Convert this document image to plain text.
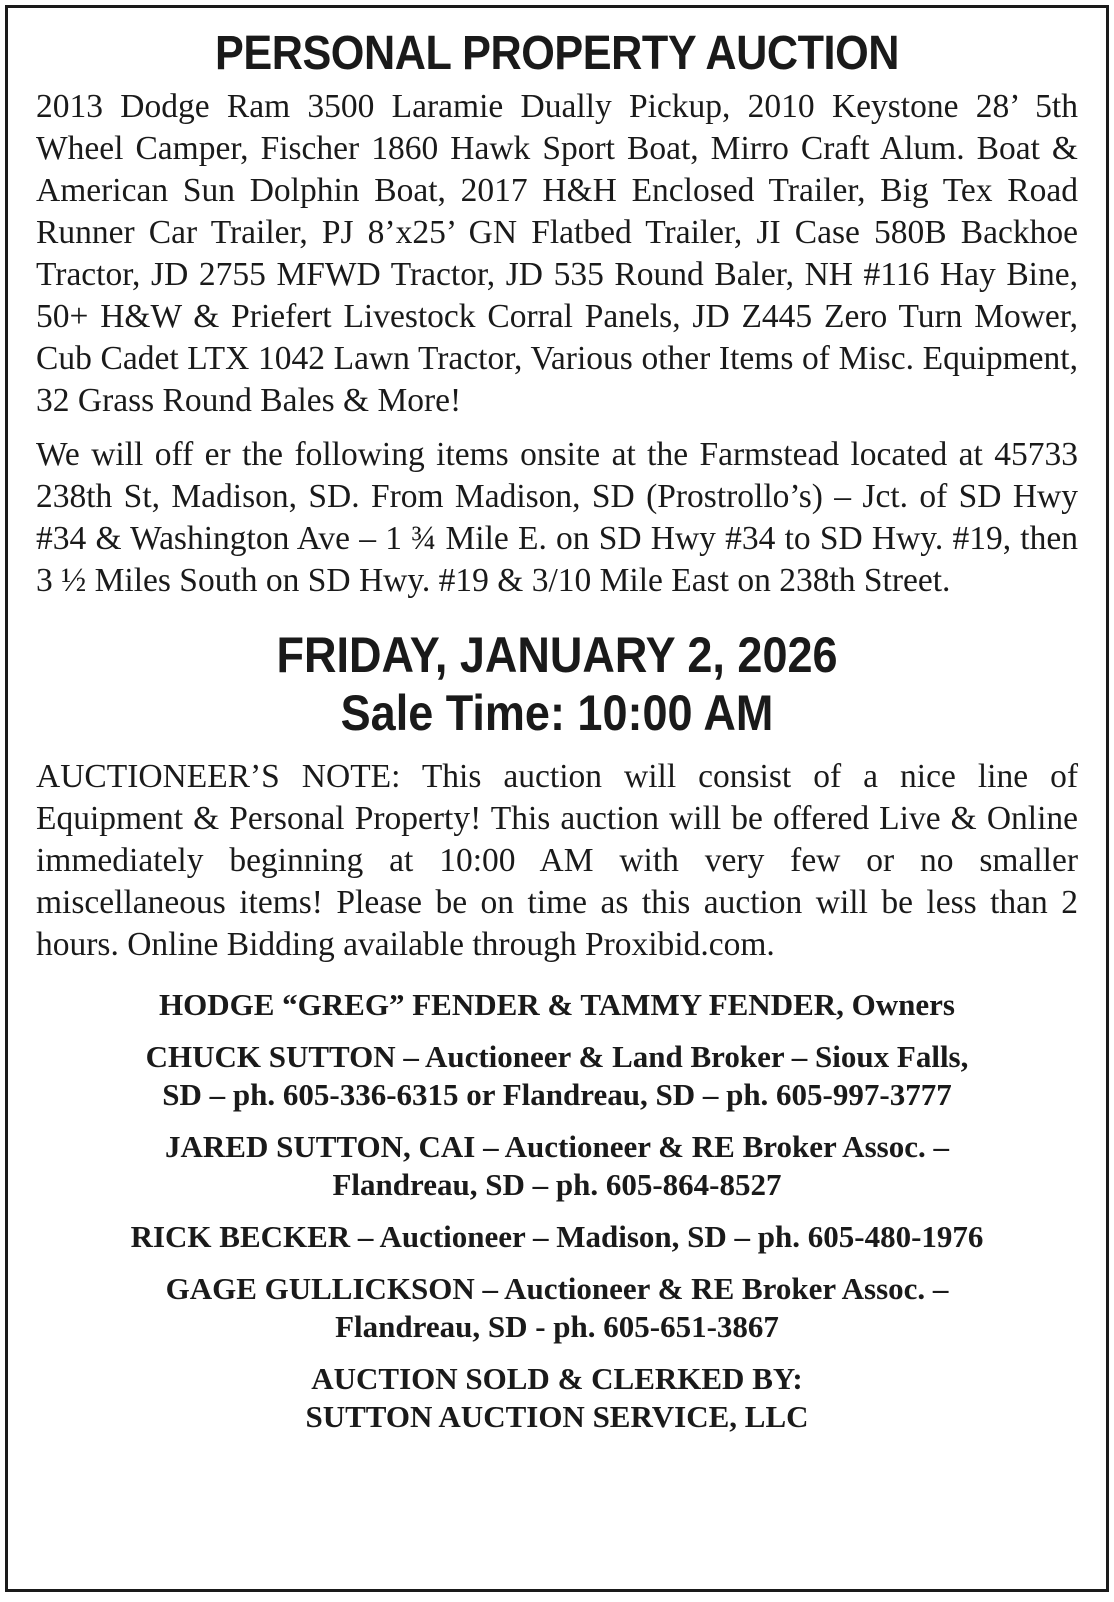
PERSONAL PROPERTY AUCTION

2013 Dodge Ram 3500 Laramie Dually Pickup, 2010 Keystone 28’ 5th Wheel Camper, Fischer 1860 Hawk Sport Boat, Mirro Craft Alum. Boat & American Sun Dolphin Boat, 2017 H&H Enclosed Trailer, Big Tex Road Runner Car Trailer, PJ 8’x25’ GN Flatbed Trailer, JI Case 580B Backhoe Tractor, JD 2755 MFWD Tractor, JD 535 Round Baler, NH #116 Hay Bine, 50+ H&W & Priefert Livestock Corral Panels, JD Z445 Zero Turn Mower, Cub Cadet LTX 1042 Lawn Tractor, Various other Items of Misc. Equipment, 32 Grass Round Bales & More!

We will off er the following items onsite at the Farmstead located at 45733 238th St, Madison, SD. From Madison, SD (Prostrollo’s) – Jct. of SD Hwy #34 & Washington Ave – 1 ¾ Mile E. on SD Hwy #34 to SD Hwy. #19, then 3 ½ Miles South on SD Hwy. #19 & 3/10 Mile East on 238th Street.

FRIDAY, JANUARY 2, 2026
Sale Time: 10:00 AM

AUCTIONEER’S NOTE: This auction will consist of a nice line of Equipment & Personal Property! This auction will be offered Live & Online immediately beginning at 10:00 AM with very few or no smaller miscellaneous items! Please be on time as this auction will be less than 2 hours. Online Bidding available through Proxibid.com.

HODGE “GREG” FENDER & TAMMY FENDER, Owners

CHUCK SUTTON – Auctioneer & Land Broker – Sioux Falls,
SD – ph. 605-336-6315 or Flandreau, SD – ph. 605-997-3777

JARED SUTTON, CAI – Auctioneer & RE Broker Assoc. –
Flandreau, SD – ph. 605-864-8527

RICK BECKER – Auctioneer – Madison, SD – ph. 605-480-1976

GAGE GULLICKSON – Auctioneer & RE Broker Assoc. –
Flandreau, SD - ph. 605-651-3867

AUCTION SOLD & CLERKED BY:
SUTTON AUCTION SERVICE, LLC
